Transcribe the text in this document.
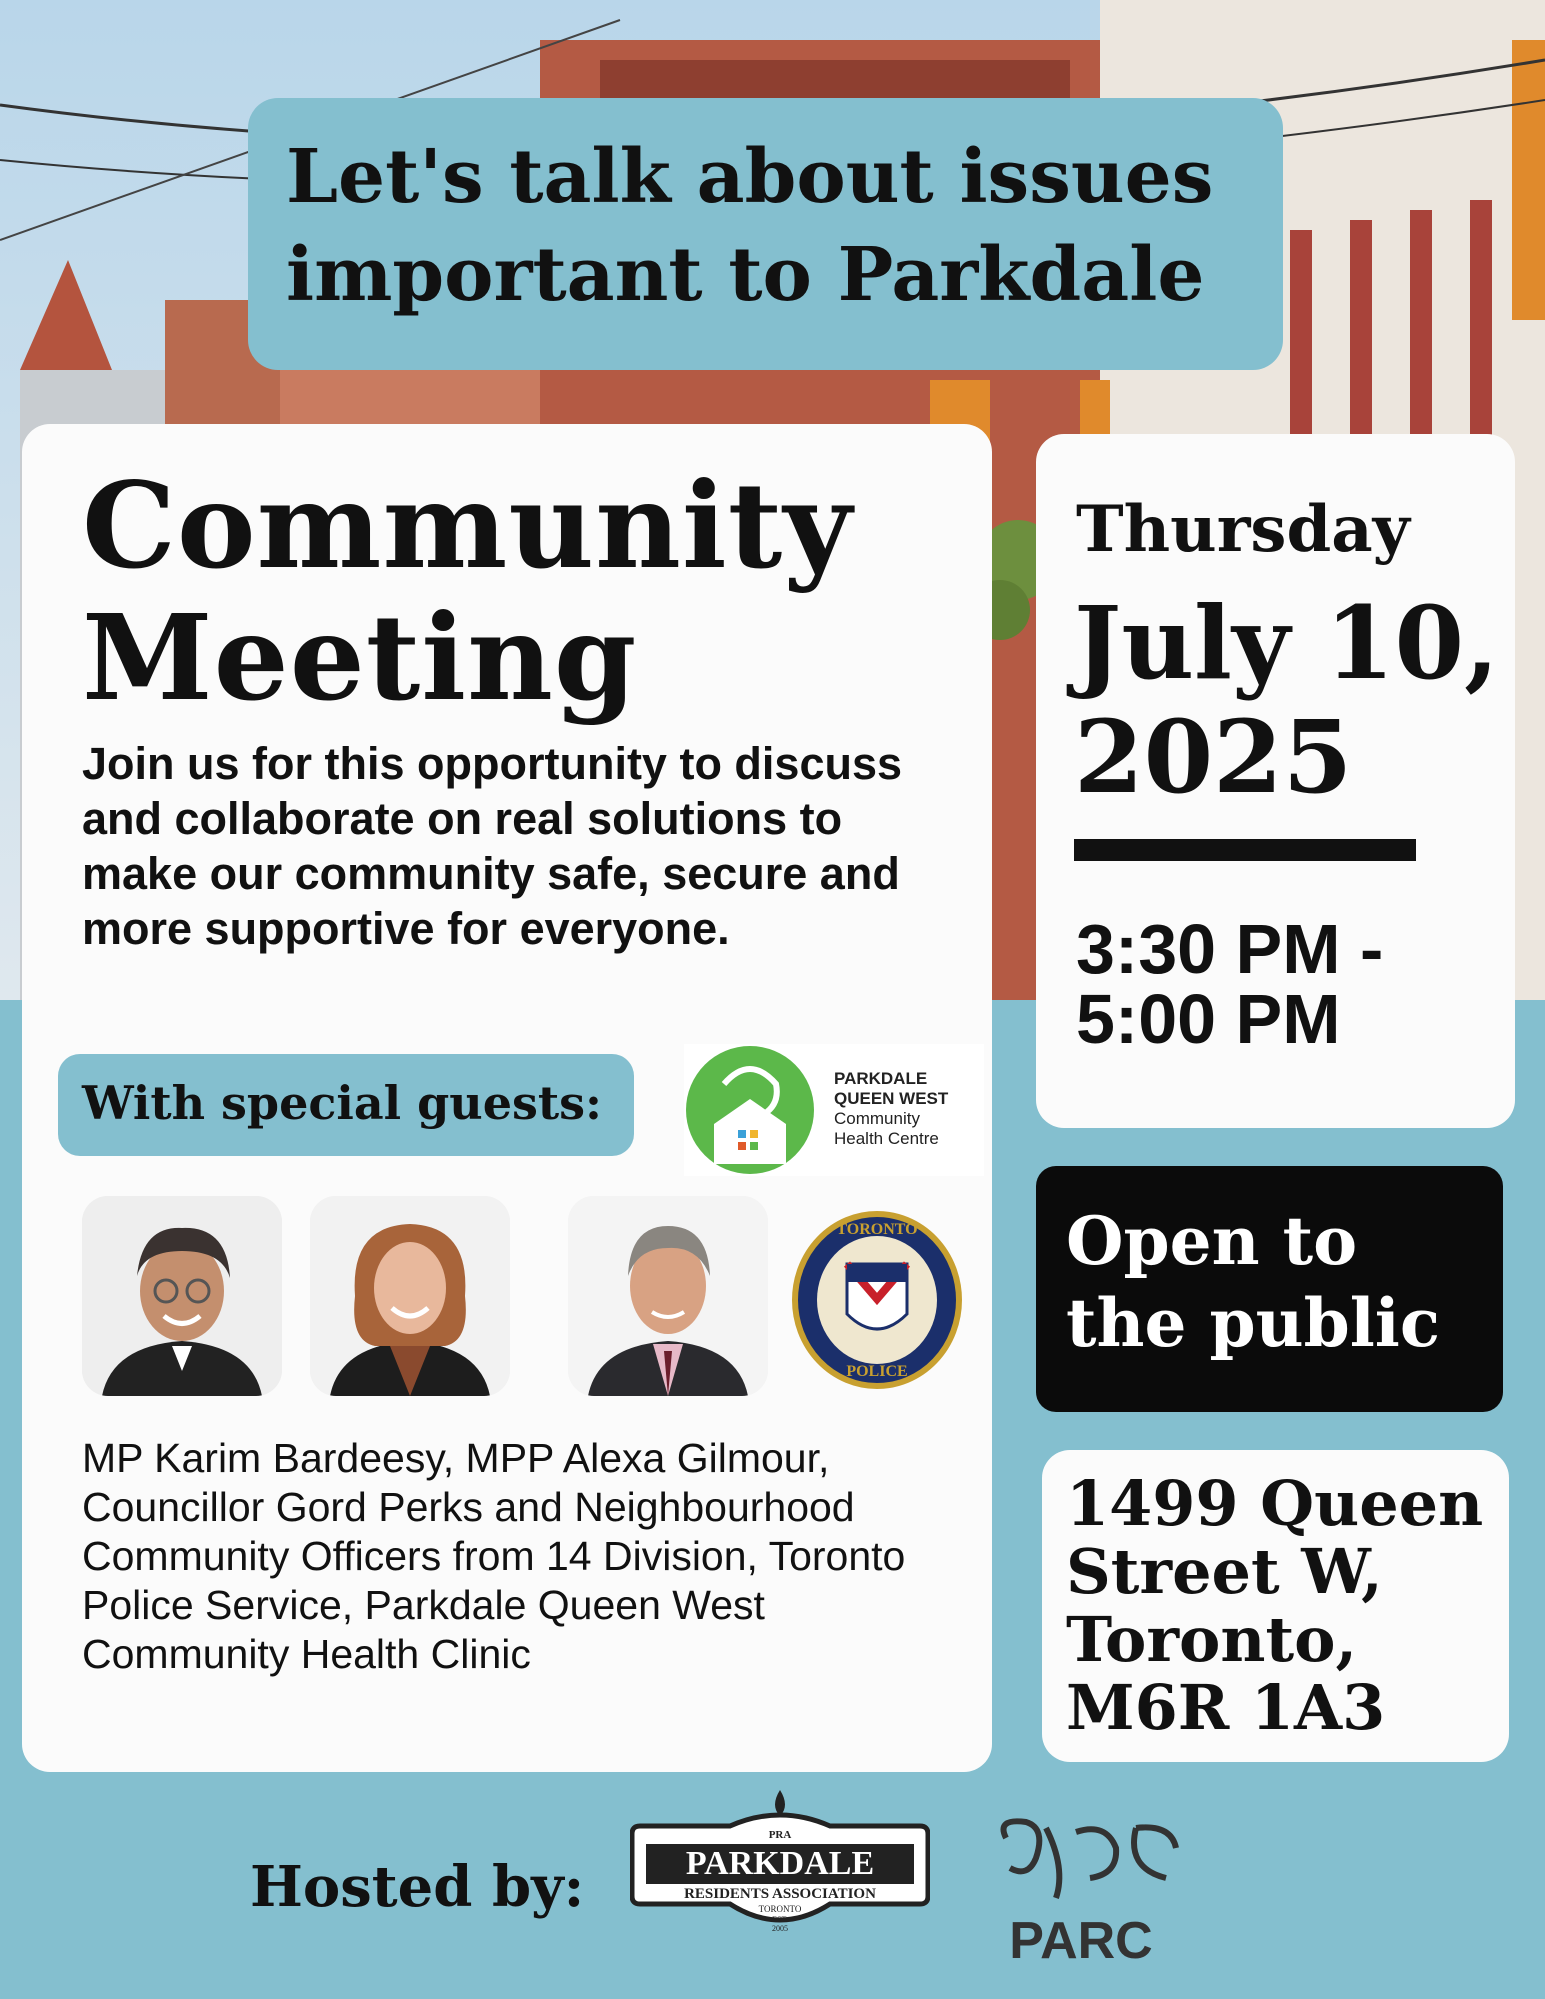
Let's talk about issues
important to Parkdale
Community
Meeting
Join us for this opportunity to discuss and collaborate on real solutions to make our community safe, secure and more supportive for everyone.
With special guests:	PARKDALE
QUEEN WEST
Community
Health Centre
TORONTO
POLICE
MP Karim Bardeesy, MPP Alexa Gilmour, Councillor Gord Perks and Neighbourhood Community Officers from 14 Division, Toronto Police Service, Parkdale Queen West Community Health Clinic
Thursday
July 10,
2025
3:30 PM -
5:00 PM
Open to
the public
1499 Queen
Street W,
Toronto,
M6R 1A3
Hosted by:
PRA
PARKDALE
RESIDENTS ASSOCIATION
TORONTO
EST.
2005	PARC
